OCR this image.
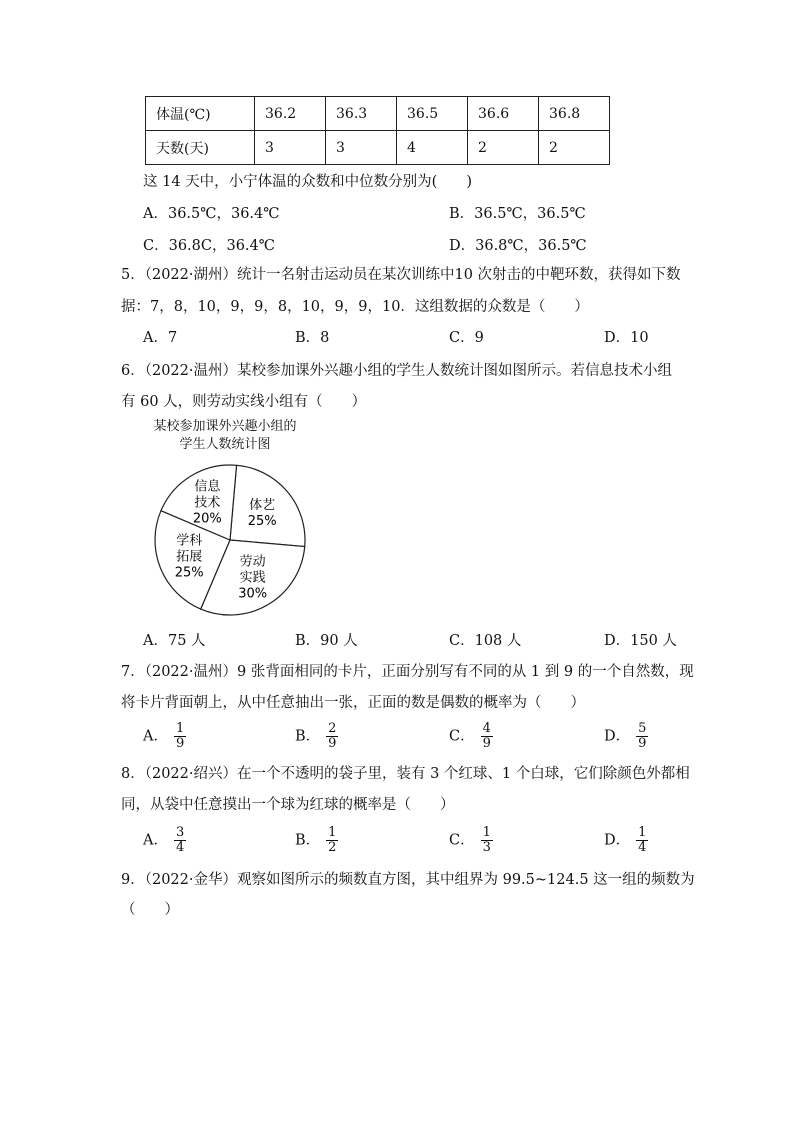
体温(℃)	36.2	36.3	36.5	36.6	36.8
天数(天)	3	3	4	2	2
这 14 天中，小宁体温的众数和中位数分别为(　　)
A．36.5℃，36.4℃	B．36.5℃，36.5℃
C．36.8C，36.4℃	D．36.8℃，36.5℃
5．（2022·湖州）统计一名射击运动员在某次训练中10 次射击的中靶环数，获得如下数
据：7，8，10，9，9，8，10，9，9，10．这组数据的众数是（　　）
A．7	B．8	C．9	D．10
6．（2022·温州）某校参加课外兴趣小组的学生人数统计图如图所示。若信息技术小组
有 60 人，则劳动实线小组有（　　）
某校参加课外兴趣小组的
学生人数统计图
体艺
25%
劳动
实践
30%
学科
拓展
25%
信息
技术
20%
A．75 人	B．90 人	C．108 人	D．150 人
7．（2022·温州）9 张背面相同的卡片，正面分别写有不同的从 1 到 9 的一个自然数，现
将卡片背面朝上，从中任意抽出一张，正面的数是偶数的概率为（　　）
A． $\frac{1}{9}$	B． $\frac{2}{9}$	C． $\frac{4}{9}$	D． $\frac{5}{9}$
8．（2022·绍兴）在一个不透明的袋子里，装有 3 个红球、1 个白球，它们除颜色外都相
同，从袋中任意摸出一个球为红球的概率是（　　）
A． $\frac{3}{4}$	B． $\frac{1}{2}$	C． $\frac{1}{3}$	D． $\frac{1}{4}$
9．（2022·金华）观察如图所示的频数直方图，其中组界为 99.5~124.5 这一组的频数为
（　　）
